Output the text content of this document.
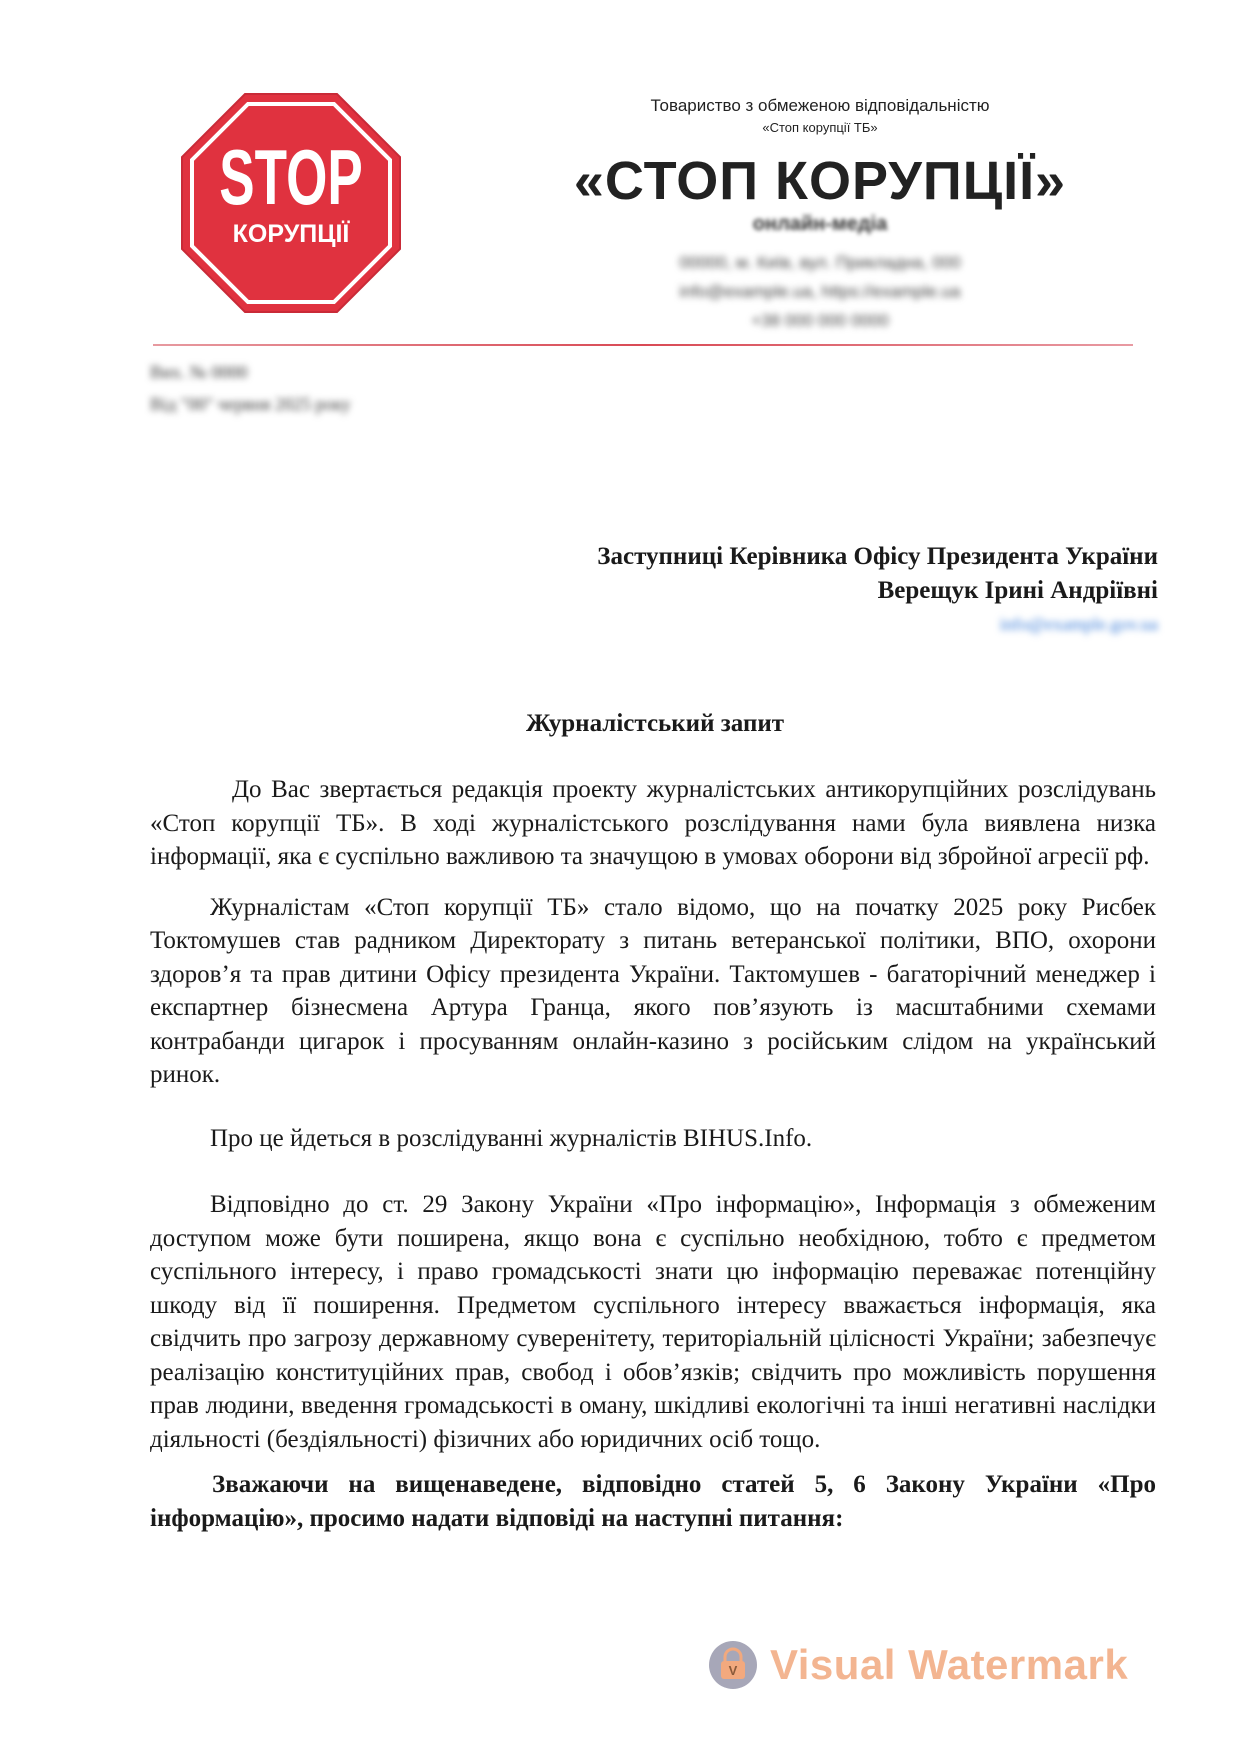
STOP
КОРУПЦІЇ
Товариство з обмеженою відповідальністю
«Стоп корупції ТБ»
«СТОП КОРУПЦІЇ»
онлайн-медіа
00000, м. Київ, вул. Прикладна, 000
info@example.ua, https://example.ua
+38 000 000 0000
Вих. № 0000
Від "00" червня 2025 року
Заступниці Керівника Офісу Президента України
Верещук Ірині Андріївні
info@example.gov.ua
Журналістський запит

До Вас звертається редакція проекту журналістських антикорупційних розслідувань «Стоп корупції ТБ». В ході журналістського розслідування нами була виявлена низка інформації, яка є суспільно важливою та значущою в умовах оборони від збройної агресії рф.

Журналістам «Стоп корупції ТБ» стало відомо, що на початку 2025 року Рисбек Токтомушев став радником Директорату з питань ветеранської політики, ВПО, охорони здоров’я та прав дитини Офісу президента України. Тактомушев - багаторічний менеджер і експартнер бізнесмена Артура Гранца, якого пов’язують із масштабними схемами контрабанди цигарок і просуванням онлайн-казино з російським слідом на український ринок.

Про це йдеться в розслідуванні журналістів BIHUS.Info.

Відповідно до ст. 29 Закону України «Про інформацію», Інформація з обмеженим доступом може бути поширена, якщо вона є суспільно необхідною, тобто є предметом суспільного інтересу, і право громадськості знати цю інформацію переважає потенційну шкоду від її поширення. Предметом суспільного інтересу вважається інформація, яка свідчить про загрозу державному суверенітету, територіальній цілісності України; забезпечує реалізацію конституційних прав, свобод і обов’язків; свідчить про можливість порушення прав людини, введення громадськості в оману, шкідливі екологічні та інші негативні наслідки діяльності (бездіяльності) фізичних або юридичних осіб тощо.

Зважаючи на вищенаведене, відповідно статей 5, 6 Закону України «Про інформацію», просимо надати відповіді на наступні питання:

V Visual Watermark
